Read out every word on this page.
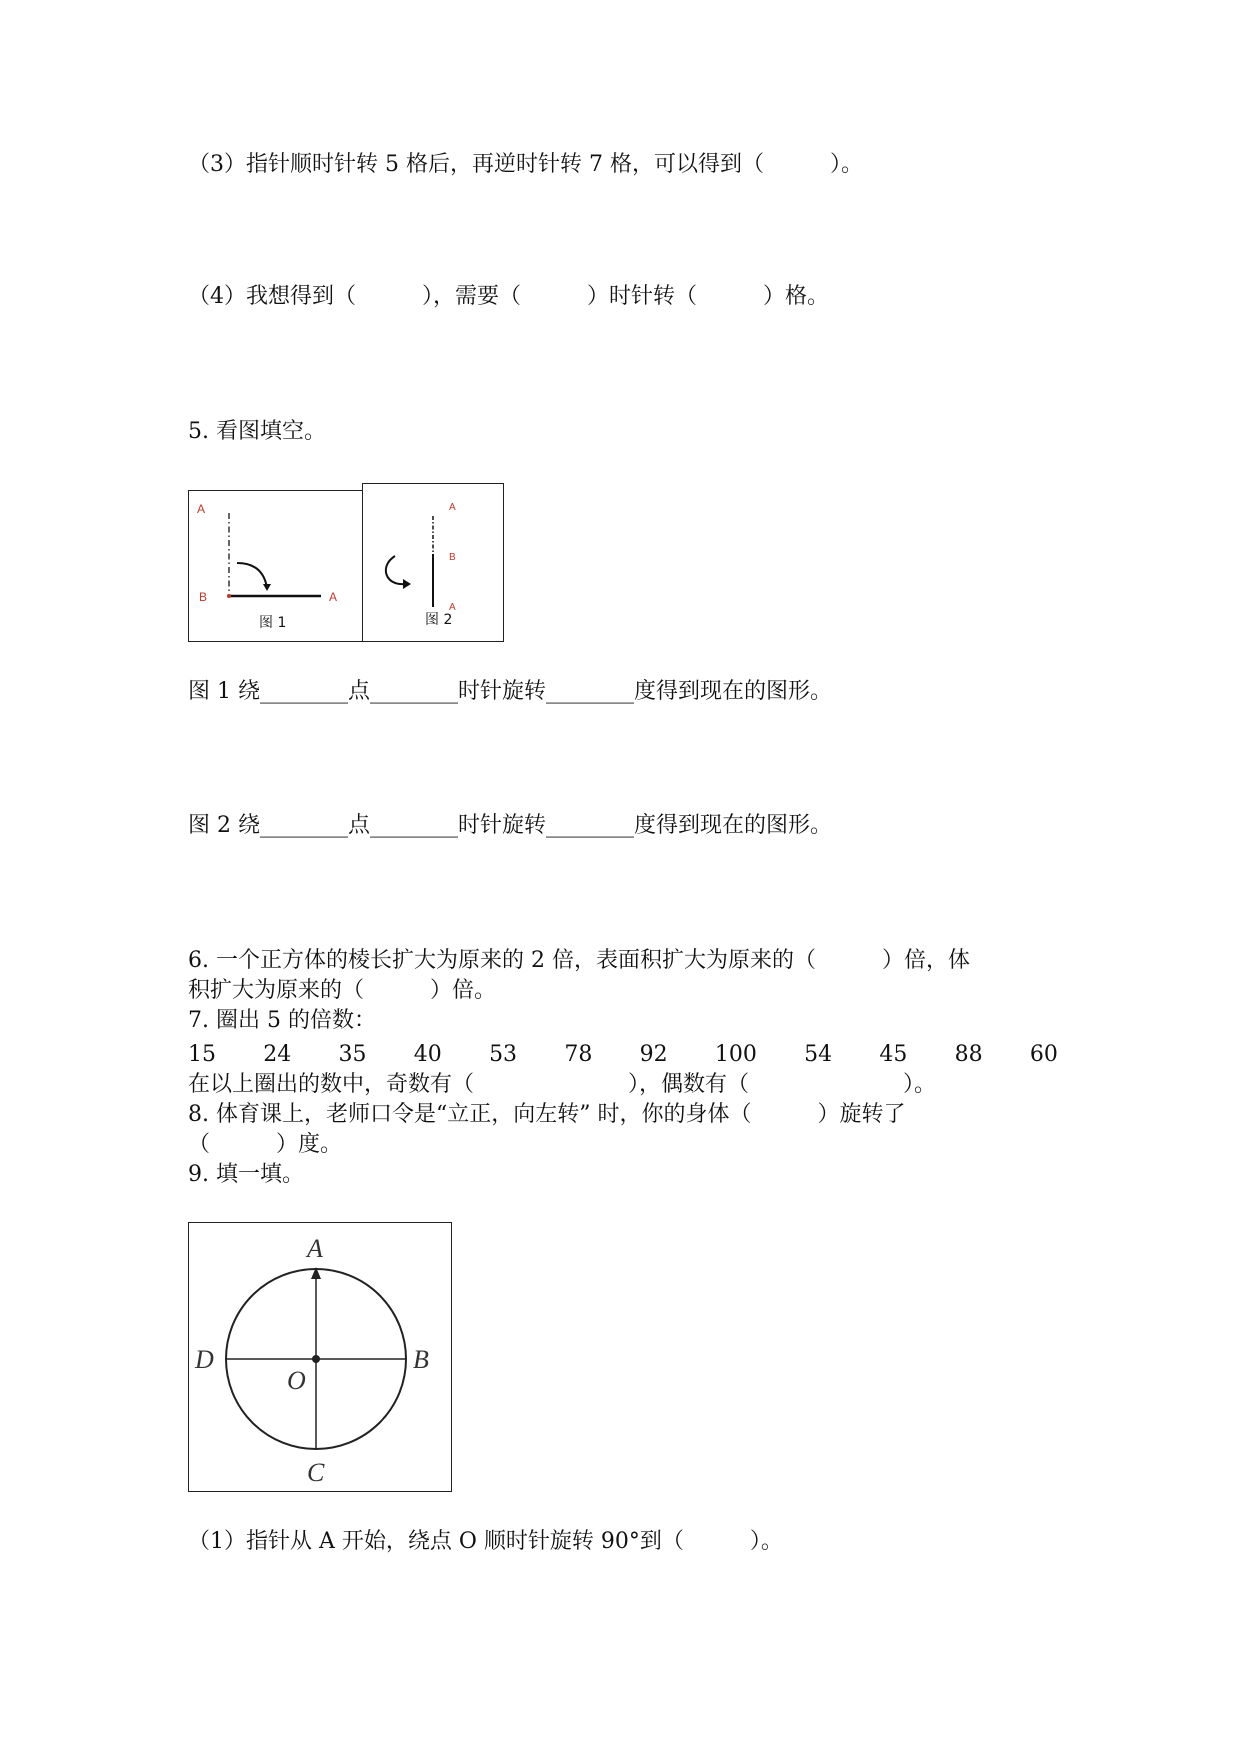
（3）指针顺时针转 5 格后，再逆时针转 7 格，可以得到（　　　）。
（4）我想得到（　　　），需要（　　　）时针转（　　　）格。
5. 看图填空。
A
B	A
图 1
A
B
A
图 2
图 1 绕________点________时针旋转________度得到现在的图形。
图 2 绕________点________时针旋转________度得到现在的图形。
6. 一个正方体的棱长扩大为原来的 2 倍，表面积扩大为原来的（　　　）倍，体
积扩大为原来的（　　　）倍。
7. 圈出 5 的倍数：
15 24 35 40 53 78 92 100 54 45 88 60
在以上圈出的数中，奇数有（　　　　　　　），偶数有（　　　　　　　）。
8. 体育课上，老师口令是“立正，向左转” 时，你的身体（　　　）旋转了
（　　　）度。
9. 填一填。
A
B
C
D
O
（1）指针从 A 开始，绕点 O 顺时针旋转 90°到（　　　）。
